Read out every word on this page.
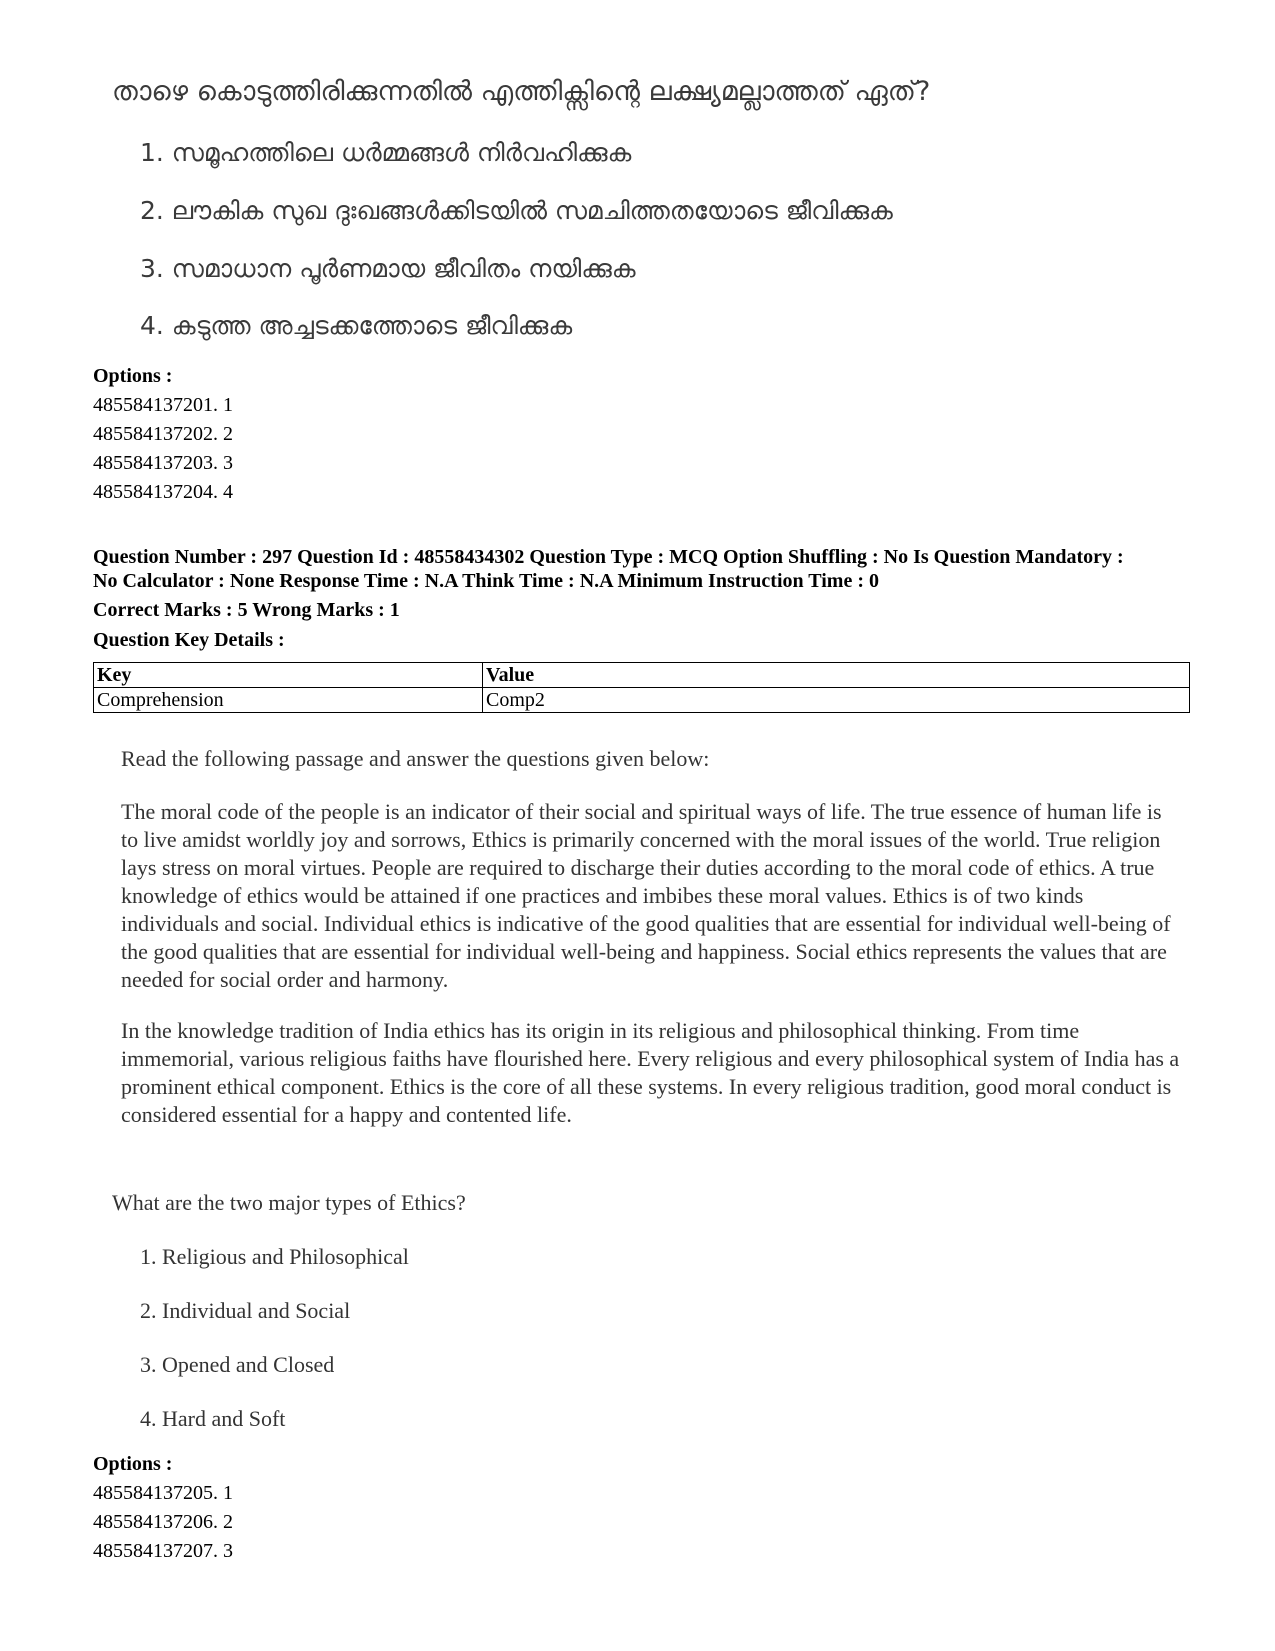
താഴെ കൊടുത്തിരിക്കുന്നതിൽ എത്തിക്സിന്റെ ലക്ഷ്യമല്ലാത്തത് ഏത്?
1. സമൂഹത്തിലെ ധർമ്മങ്ങൾ നിർവഹിക്കുക
2. ലൗകിക സുഖ ദുഃഖങ്ങൾക്കിടയിൽ സമചിത്തതയോടെ ജീവിക്കുക
3. സമാധാന പൂർണമായ ജീവിതം നയിക്കുക
4. കടുത്ത അച്ചടക്കത്തോടെ ജീവിക്കുക
Options :
485584137201. 1
485584137202. 2
485584137203. 3
485584137204. 4
Question Number : 297 Question Id : 48558434302 Question Type : MCQ Option Shuffling : No Is Question Mandatory :
No Calculator : None Response Time : N.A Think Time : N.A Minimum Instruction Time : 0
Correct Marks : 5 Wrong Marks : 1
Question Key Details :
Key	Value
Comprehension	Comp2
Read the following passage and answer the questions given below:

The moral code of the people is an indicator of their social and spiritual ways of life. The true essence of human life is to live amidst worldly joy and sorrows, Ethics is primarily concerned with the moral issues of the world. True religion lays stress on moral virtues. People are required to discharge their duties according to the moral code of ethics. A true knowledge of ethics would be attained if one practices and imbibes these moral values. Ethics is of two kinds individuals and social. Individual ethics is indicative of the good qualities that are essential for individual well-being of the good qualities that are essential for individual well-being and happiness. Social ethics represents the values that are needed for social order and harmony.

In the knowledge tradition of India ethics has its origin in its religious and philosophical thinking. From time immemorial, various religious faiths have flourished here. Every religious and every philosophical system of India has a prominent ethical component. Ethics is the core of all these systems. In every religious tradition, good moral conduct is considered essential for a happy and contented life.

What are the two major types of Ethics?
1. Religious and Philosophical
2. Individual and Social
3. Opened and Closed
4. Hard and Soft
Options :
485584137205. 1
485584137206. 2
485584137207. 3
